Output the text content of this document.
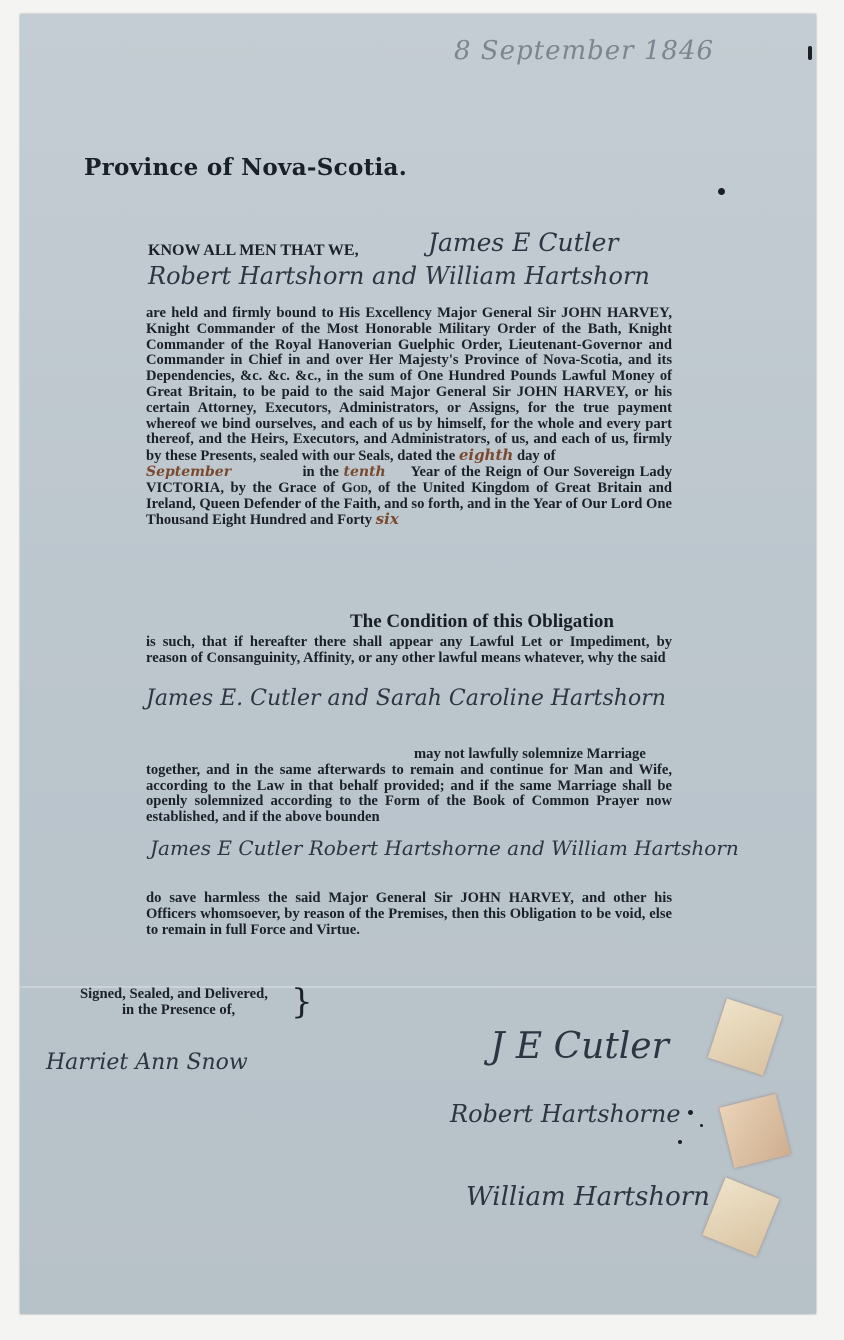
8 September 1846
Province of Nova-Scotia.
KNOW ALL MEN THAT WE,	James E Cutler
Robert Hartshorn and William Hartshorn
are held and firmly bound to His Excellency Major General Sir JOHN HARVEY, Knight Commander of the Most Honorable Military Order of the Bath, Knight Commander of the Royal Hanoverian Guelphic Order, Lieutenant-Governor and Commander in Chief in and over Her Majesty's Province of Nova-Scotia, and its Dependencies, &c. &c. &c., in the sum of One Hundred Pounds Lawful Money of Great Britain, to be paid to the said Major General Sir JOHN HARVEY, or his certain Attorney, Executors, Administrators, or Assigns, for the true payment whereof we bind ourselves, and each of us by himself, for the whole and every part thereof, and the Heirs, Executors, and Administrators, of us, and each of us, firmly by these Presents, sealed with our Seals, dated the eighth day of
September	in the tenth Year of the Reign of Our Sovereign Lady VICTORIA, by the Grace of God, of the United Kingdom of Great Britain and Ireland, Queen Defender of the Faith, and so forth, and in the Year of Our Lord One Thousand Eight Hundred and Forty six
The Condition of this Obligation
is such, that if hereafter there shall appear any Lawful Let or Impediment, by reason of Consanguinity, Affinity, or any other lawful means whatever, why the said
James E. Cutler and Sarah Caroline Hartshorn
may not lawfully solemnize Marriage
together, and in the same afterwards to remain and continue for Man and Wife, according to the Law in that behalf provided; and if the same Marriage shall be openly solemnized according to the Form of the Book of Common Prayer now established, and if the above bounden
James E Cutler Robert Hartshorne and William Hartshorn
do save harmless the said Major General Sir JOHN HARVEY, and other his Officers whomsoever, by reason of the Premises, then this Obligation to be void, else to remain in full Force and Virtue.
Signed, Sealed, and Delivered,
in the Presence of,	}
Harriet Ann Snow	J E Cutler
Robert Hartshorne
William Hartshorn
